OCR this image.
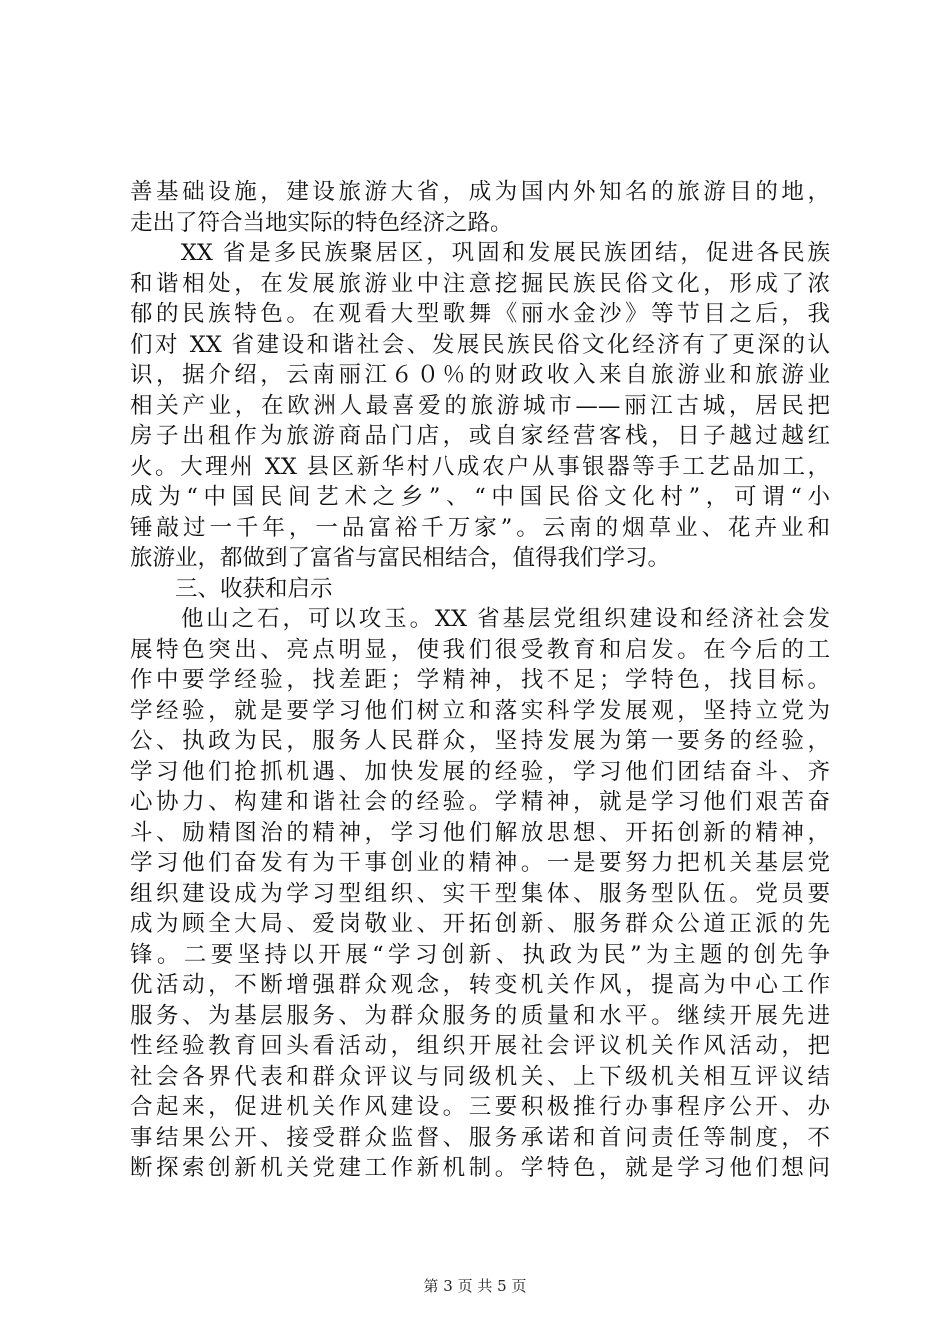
善基础设施，建设旅游大省，成为国内外知名的旅游目的地，
走出了符合当地实际的特色经济之路。
　　XX 省是多民族聚居区，巩固和发展民族团结，促进各民族
和谐相处，在发展旅游业中注意挖掘民族民俗文化，形成了浓
郁的民族特色。在观看大型歌舞《丽水金沙》等节目之后，我
们对 XX 省建设和谐社会、发展民族民俗文化经济有了更深的认
识，据介绍，云南丽江６０％的财政收入来自旅游业和旅游业
相关产业，在欧洲人最喜爱的旅游城市——丽江古城，居民把
房子出租作为旅游商品门店，或自家经营客栈，日子越过越红
火。大理州 XX 县区新华村八成农户从事银器等手工艺品加工，
成为“中国民间艺术之乡”、“中国民俗文化村”，可谓“小
锤敲过一千年，一品富裕千万家”。云南的烟草业、花卉业和
旅游业，都做到了富省与富民相结合，值得我们学习。
　　三、收获和启示
　　他山之石，可以攻玉。XX 省基层党组织建设和经济社会发
展特色突出、亮点明显，使我们很受教育和启发。在今后的工
作中要学经验，找差距；学精神，找不足；学特色，找目标。
学经验，就是要学习他们树立和落实科学发展观，坚持立党为
公、执政为民，服务人民群众，坚持发展为第一要务的经验，
学习他们抢抓机遇、加快发展的经验，学习他们团结奋斗、齐
心协力、构建和谐社会的经验。学精神，就是学习他们艰苦奋
斗、励精图治的精神，学习他们解放思想、开拓创新的精神，
学习他们奋发有为干事创业的精神。一是要努力把机关基层党
组织建设成为学习型组织、实干型集体、服务型队伍。党员要
成为顾全大局、爱岗敬业、开拓创新、服务群众公道正派的先
锋。二要坚持以开展“学习创新、执政为民”为主题的创先争
优活动，不断增强群众观念，转变机关作风，提高为中心工作
服务、为基层服务、为群众服务的质量和水平。继续开展先进
性经验教育回头看活动，组织开展社会评议机关作风活动，把
社会各界代表和群众评议与同级机关、上下级机关相互评议结
合起来，促进机关作风建设。三要积极推行办事程序公开、办
事结果公开、接受群众监督、服务承诺和首问责任等制度，不
断探索创新机关党建工作新机制。学特色，就是学习他们想问
第 3 页 共 5 页
